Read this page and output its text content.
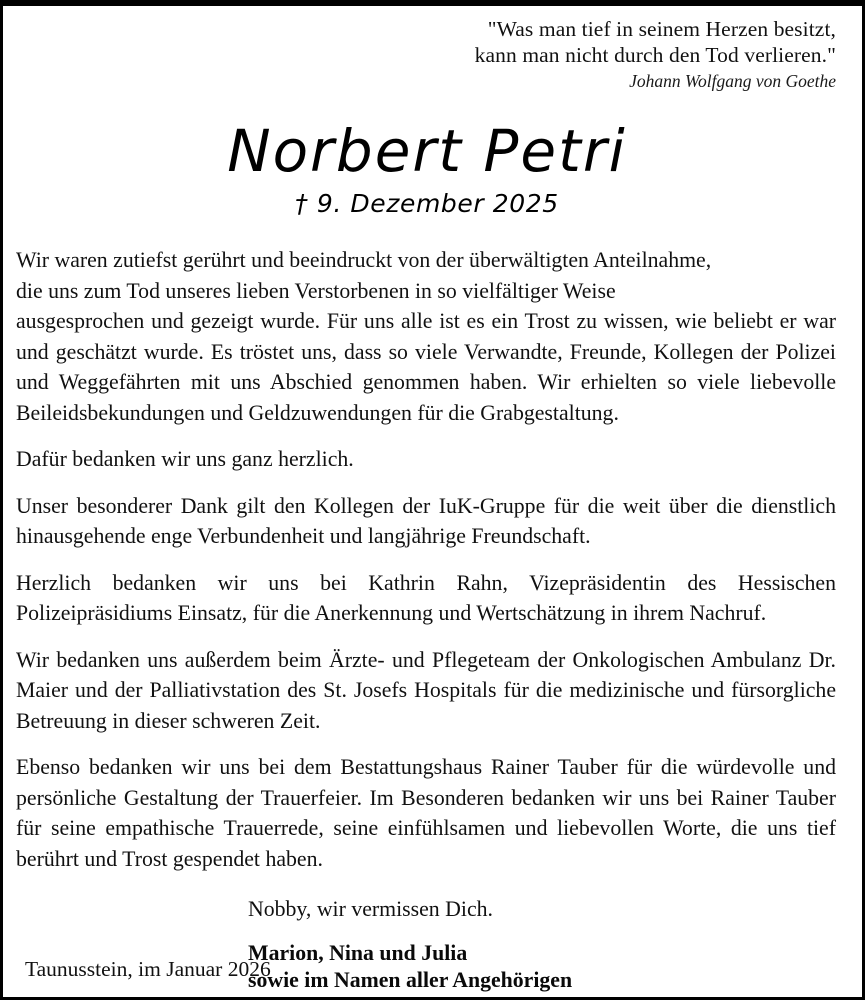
"Was man tief in seinem Herzen besitzt,
kann man nicht durch den Tod verlieren."
Johann Wolfgang von Goethe
Norbert Petri
† 9. Dezember 2025

Wir waren zutiefst gerührt und beeindruckt von der überwältigten Anteilnahme,
die uns zum Tod unseres lieben Verstorbenen in so vielfältiger Weise
ausgesprochen und gezeigt wurde. Für uns alle ist es ein Trost zu wissen, wie beliebt er war und geschätzt wurde. Es tröstet uns, dass so viele Verwandte, Freunde, Kollegen der Polizei und Weggefährten mit uns Abschied genommen haben. Wir erhielten so viele liebevolle Beileidsbekundungen und Geldzuwendungen für die Grabgestaltung.

Dafür bedanken wir uns ganz herzlich.

Unser besonderer Dank gilt den Kollegen der IuK-Gruppe für die weit über die dienstlich hinausgehende enge Verbundenheit und langjährige Freundschaft.

Herzlich bedanken wir uns bei Kathrin Rahn, Vizepräsidentin des Hessischen Polizeipräsidiums Einsatz, für die Anerkennung und Wertschätzung in ihrem Nachruf.

Wir bedanken uns außerdem beim Ärzte- und Pflegeteam der Onkologischen Ambulanz Dr. Maier und der Palliativstation des St. Josefs Hospitals für die medizinische und fürsorgliche Betreuung in dieser schweren Zeit.

Ebenso bedanken wir uns bei dem Bestattungshaus Rainer Tauber für die würdevolle und persönliche Gestaltung der Trauerfeier. Im Besonderen bedanken wir uns bei Rainer Tauber für seine empathische Trauerrede, seine einfühlsamen und liebevollen Worte, die uns tief berührt und Trost gespendet haben.

Nobby, wir vermissen Dich.
Marion, Nina und Julia
sowie im Namen aller Angehörigen
Taunusstein, im Januar 2026
